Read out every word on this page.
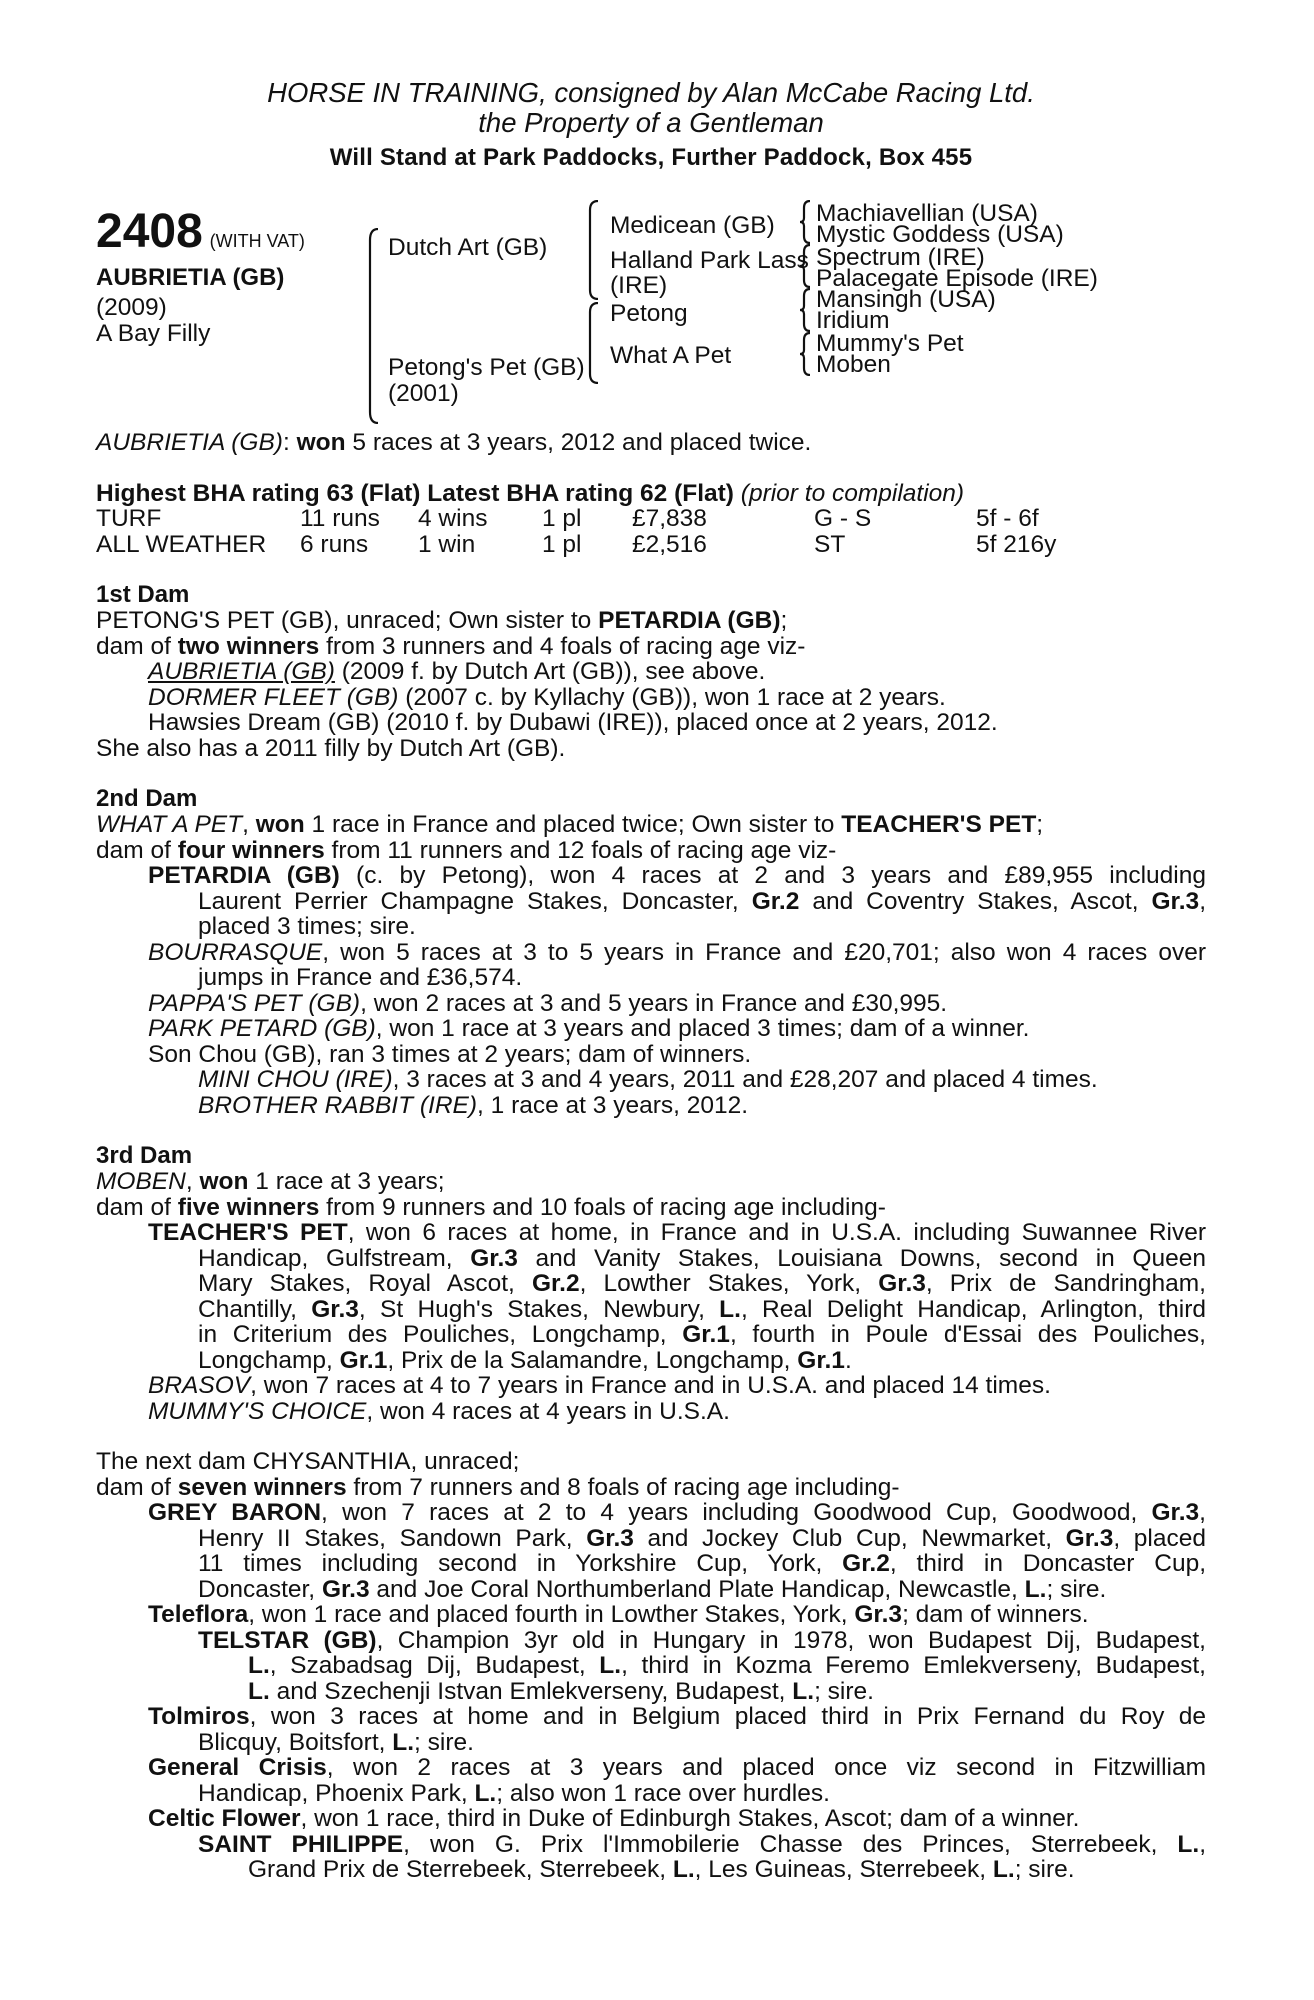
HORSE IN TRAINING, consigned by Alan McCabe Racing Ltd.
the Property of a Gentleman
Will Stand at Park Paddocks, Further Paddock, Box 455
2408 (WITH VAT)
AUBRIETIA (GB)
(2009)
A Bay Filly
Dutch Art (GB)
Petong's Pet (GB)
(2001)
Medicean (GB)
Halland Park Lass
(IRE)
Petong
What A Pet
Machiavellian (USA)
Mystic Goddess (USA)
Spectrum (IRE)
Palacegate Episode (IRE)
Mansingh (USA)
Iridium
Mummy's Pet
Moben
AUBRIETIA (GB): won 5 races at 3 years, 2012 and placed twice.
Highest BHA rating 63 (Flat) Latest BHA rating 62 (Flat) (prior to compilation)
TURF	11 runs 4 wins 1 pl £7,838	G - S	5f - 6f
ALL WEATHER 6 runs 1 win	1 pl £2,516	ST	5f 216y
1st Dam
PETONG'S PET (GB), unraced; Own sister to PETARDIA (GB);
dam of two winners from 3 runners and 4 foals of racing age viz-
AUBRIETIA (GB) (2009 f. by Dutch Art (GB)), see above.
DORMER FLEET (GB) (2007 c. by Kyllachy (GB)), won 1 race at 2 years.
Hawsies Dream (GB) (2010 f. by Dubawi (IRE)), placed once at 2 years, 2012.
She also has a 2011 filly by Dutch Art (GB).
2nd Dam
WHAT A PET, won 1 race in France and placed twice; Own sister to TEACHER'S PET;
dam of four winners from 11 runners and 12 foals of racing age viz-
PETARDIA (GB) (c. by Petong), won 4 races at 2 and 3 years and £89,955 including
Laurent Perrier Champagne Stakes, Doncaster, Gr.2 and Coventry Stakes, Ascot, Gr.3,
placed 3 times; sire.
BOURRASQUE, won 5 races at 3 to 5 years in France and £20,701; also won 4 races over
jumps in France and £36,574.
PAPPA'S PET (GB), won 2 races at 3 and 5 years in France and £30,995.
PARK PETARD (GB), won 1 race at 3 years and placed 3 times; dam of a winner.
Son Chou (GB), ran 3 times at 2 years; dam of winners.
MINI CHOU (IRE), 3 races at 3 and 4 years, 2011 and £28,207 and placed 4 times.
BROTHER RABBIT (IRE), 1 race at 3 years, 2012.
3rd Dam
MOBEN, won 1 race at 3 years;
dam of five winners from 9 runners and 10 foals of racing age including-
TEACHER'S PET, won 6 races at home, in France and in U.S.A. including Suwannee River
Handicap, Gulfstream, Gr.3 and Vanity Stakes, Louisiana Downs, second in Queen
Mary Stakes, Royal Ascot, Gr.2, Lowther Stakes, York, Gr.3, Prix de Sandringham,
Chantilly, Gr.3, St Hugh's Stakes, Newbury, L., Real Delight Handicap, Arlington, third
in Criterium des Pouliches, Longchamp, Gr.1, fourth in Poule d'Essai des Pouliches,
Longchamp, Gr.1, Prix de la Salamandre, Longchamp, Gr.1.
BRASOV, won 7 races at 4 to 7 years in France and in U.S.A. and placed 14 times.
MUMMY'S CHOICE, won 4 races at 4 years in U.S.A.
The next dam CHYSANTHIA, unraced;
dam of seven winners from 7 runners and 8 foals of racing age including-
GREY BARON, won 7 races at 2 to 4 years including Goodwood Cup, Goodwood, Gr.3,
Henry II Stakes, Sandown Park, Gr.3 and Jockey Club Cup, Newmarket, Gr.3, placed
11 times including second in Yorkshire Cup, York, Gr.2, third in Doncaster Cup,
Doncaster, Gr.3 and Joe Coral Northumberland Plate Handicap, Newcastle, L.; sire.
Teleflora, won 1 race and placed fourth in Lowther Stakes, York, Gr.3; dam of winners.
TELSTAR (GB), Champion 3yr old in Hungary in 1978, won Budapest Dij, Budapest,
L., Szabadsag Dij, Budapest, L., third in Kozma Feremo Emlekverseny, Budapest,
L. and Szechenji Istvan Emlekverseny, Budapest, L.; sire.
Tolmiros, won 3 races at home and in Belgium placed third in Prix Fernand du Roy de
Blicquy, Boitsfort, L.; sire.
General Crisis, won 2 races at 3 years and placed once viz second in Fitzwilliam
Handicap, Phoenix Park, L.; also won 1 race over hurdles.
Celtic Flower, won 1 race, third in Duke of Edinburgh Stakes, Ascot; dam of a winner.
SAINT PHILIPPE, won G. Prix l'Immobilerie Chasse des Princes, Sterrebeek, L.,
Grand Prix de Sterrebeek, Sterrebeek, L., Les Guineas, Sterrebeek, L.; sire.
